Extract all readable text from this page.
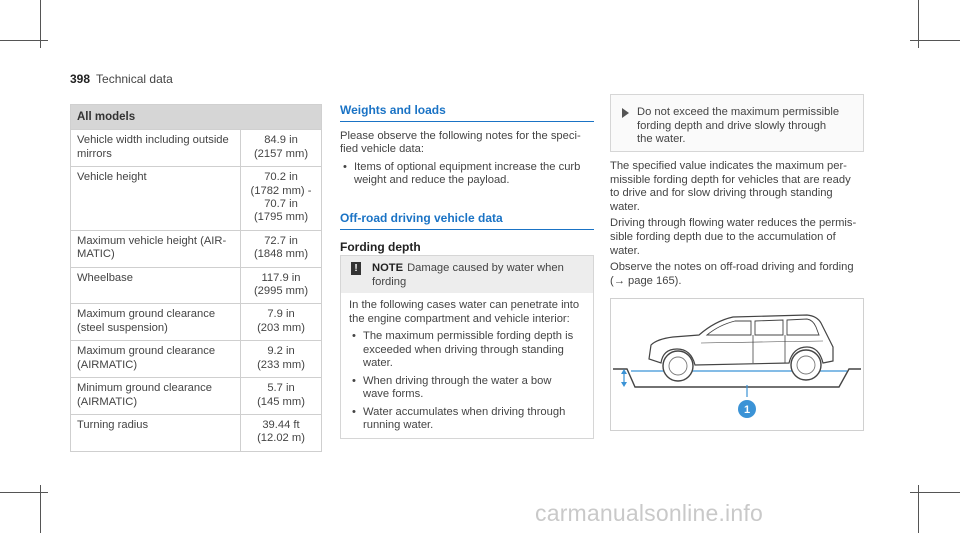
398 Technical data
All models	
Vehicle width including outside
mirrors	84.9 in
(2157 mm)
Vehicle height	70.2 in
(1782 mm) -
70.7 in
(1795 mm)
Maximum vehicle height (AIR-
MATIC)	72.7 in
(1848 mm)
Wheelbase	117.9 in
(2995 mm)
Maximum ground clearance
(steel suspension)	7.9 in
(203 mm)
Maximum ground clearance
(AIRMATIC)	9.2 in
(233 mm)
Minimum ground clearance
(AIRMATIC)	5.7 in
(145 mm)
Turning radius	39.44 ft
(12.02 m)
Weights and loads
Please observe the following notes for the speci-
fied vehicle data:
• Items of optional equipment increase the curb
weight and reduce the payload.
Off-road driving vehicle data
Fording depth
! NOTE Damage caused by water when
fording
In the following cases water can penetrate into
the engine compartment and vehicle interior:
• The maximum permissible fording depth is
exceeded when driving through standing
water.
• When driving through the water a bow
wave forms.
• Water accumulates when driving through
running water.
Do not exceed the maximum permissible
fording depth and drive slowly through
the water.
The specified value indicates the maximum per-
missible fording depth for vehicles that are ready
to drive and for slow driving through standing
water.
Driving through flowing water reduces the permis-
sible fording depth due to the accumulation of
water.
Observe the notes on off-road driving and fording
(→ page 165).
1
carmanualsonline.info
